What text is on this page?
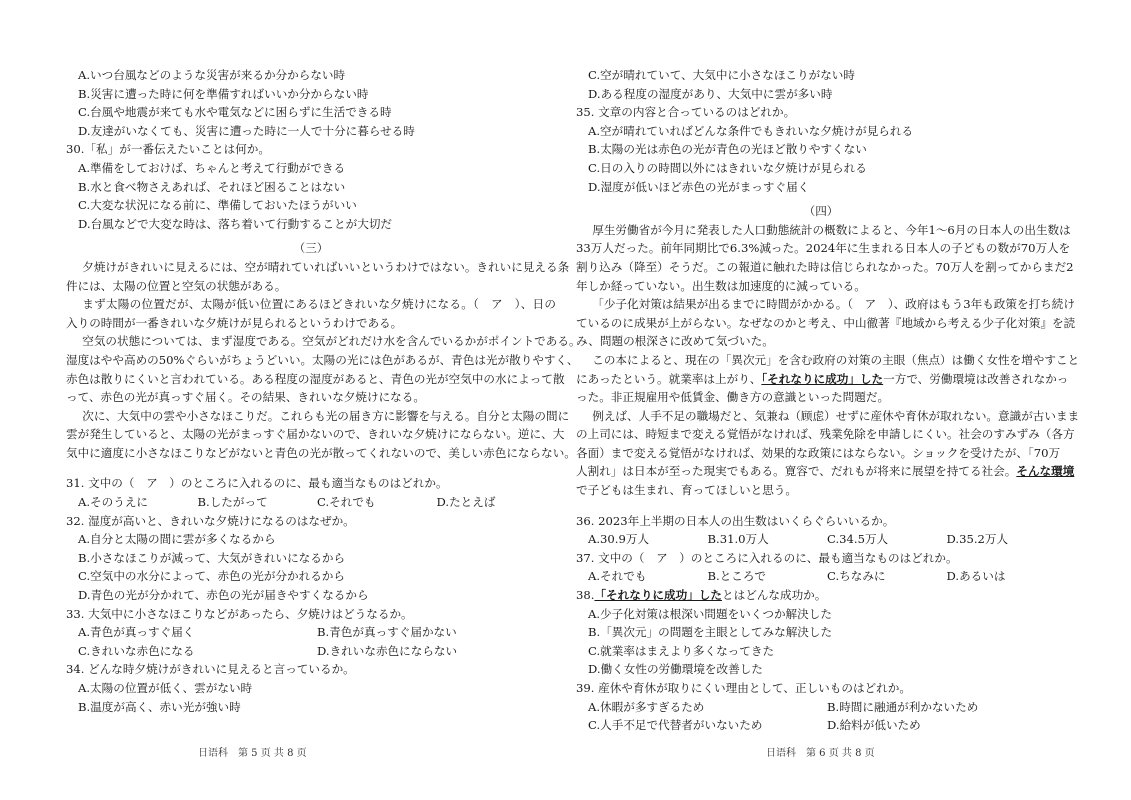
A.いつ台風などのような災害が来るか分からない時
B.災害に遭った時に何を準備すればいいか分からない時
C.台風や地震が来ても水や電気などに困らずに生活できる時
D.友達がいなくても、災害に遭った時に一人で十分に暮らせる時
30.「私」が一番伝えたいことは何か。
A.準備をしておけば、ちゃんと考えて行動ができる
B.水と食べ物さえあれば、それほど困ることはない
C.大変な状況になる前に、準備しておいたほうがいい
D.台風などで大変な時は、落ち着いて行動することが大切だ
（三）
夕焼けがきれいに見えるには、空が晴れていればいいというわけではない。きれいに見える条
件には、太陽の位置と空気の状態がある。
まず太陽の位置だが、太陽が低い位置にあるほどきれいな夕焼けになる。（　ア　）、日の入りの時間が一番きれいな夕焼けが見られるというわけである。
空気の状態については、まず湿度である。空気がどれだけ水を含んでいるかがポイントである。
湿度はやや高めの50%ぐらいがちょうどいい。太陽の光には色があるが、青色は光が散りやすく、
赤色は散りにくいと言われている。ある程度の湿度があると、青色の光が空気中の水によって散
って、赤色の光が真っすぐ届く。その結果、きれいな夕焼けになる。
次に、大気中の雲や小さなほこりだ。これらも光の届き方に影響を与える。自分と太陽の間に
雲が発生していると、太陽の光がまっすぐ届かないので、きれいな夕焼けにならない。逆に、大
気中に適度に小さなほこりなどがないと青色の光が散ってくれないので、美しい赤色にならない。
31. 文中の（　ア　）のところに入れるのに、最も適当なものはどれか。
A.そのうえに	B.したがって	C.それでも	D.たとえば
32. 湿度が高いと、きれいな夕焼けになるのはなぜか。
A.自分と太陽の間に雲が多くなるから
B.小さなほこりが減って、大気がきれいになるから
C.空気中の水分によって、赤色の光が分かれるから
D.青色の光が分かれて、赤色の光が届きやすくなるから
33. 大気中に小さなほこりなどがあったら、夕焼けはどうなるか。
A.青色が真っすぐ届く	B.青色が真っすぐ届かない
C.きれいな赤色になる	D.きれいな赤色にならない
34. どんな時夕焼けがきれいに見えると言っているか。
A.太陽の位置が低く、雲がない時
B.温度が高く、赤い光が強い時
C.空が晴れていて、大気中に小さなほこりがない時
D.ある程度の湿度があり、大気中に雲が多い時
35. 文章の内容と合っているのはどれか。
A.空が晴れていればどんな条件でもきれいな夕焼けが見られる
B.太陽の光は赤色の光が青色の光ほど散りやすくない
C.日の入りの時間以外にはきれいな夕焼けが見られる
D.湿度が低いほど赤色の光がまっすぐ届く
（四）
厚生労働省が今月に発表した人口動態統計の概数によると、今年1～6月の日本人の出生数は
33万人だった。前年同期比で6.3%減った。2024年に生まれる日本人の子どもの数が70万人を
割り込み（降至）そうだ。この報道に触れた時は信じられなかった。70万人を割ってからまだ2
年しか経っていない。出生数は加速度的に減っている。
「少子化対策は結果が出るまでに時間がかかる。（　ア　）、政府はもう3年も政策を打ち続け
ているのに成果が上がらない。なぜなのかと考え、中山徹著『地域から考える少子化対策』を読
み、問題の根深さに改めて気づいた。
この本によると、現在の「異次元」を含む政府の対策の主眼（焦点）は働く女性を増やすこと
にあったという。就業率は上がり、「それなりに成功」した一方で、労働環境は改善されなかっ
った。非正規雇用や低賃金、働き方の意識といった問題だ。
例えば、人手不足の職場だと、気兼ね（顾虑）せずに産休や育休が取れない。意識が古いまま
の上司には、時短まで変える覚悟がなければ、残業免除を申請しにくい。社会のすみずみ（各方
各面）まで変える覚悟がなければ、効果的な政策にはならない。ショックを受けたが、「70万
人割れ」は日本が至った現実でもある。寛容で、だれもが将来に展望を持てる社会。そんな環境
で子どもは生まれ、育ってほしいと思う。
36. 2023年上半期の日本人の出生数はいくらぐらいいるか。
A.30.9万人	B.31.0万人	C.34.5万人	D.35.2万人
37. 文中の（　ア　）のところに入れるのに、最も適当なものはどれか。
A.それでも	B.ところで	C.ちなみに	D.あるいは
38.「それなりに成功」したとはどんな成功か。
A.少子化対策は根深い問題をいくつか解決した
B.「異次元」の問題を主眼としてみな解決した
C.就業率はまえより多くなってきた
D.働く女性の労働環境を改善した
39. 産休や育休が取りにくい理由として、正しいものはどれか。
A.休暇が多すぎるため	B.時間に融通が利かないため
C.人手不足で代替者がいないため	D.給料が低いため
日语科　第 5 页 共 8 页	日语科　第 6 页 共 8 页
